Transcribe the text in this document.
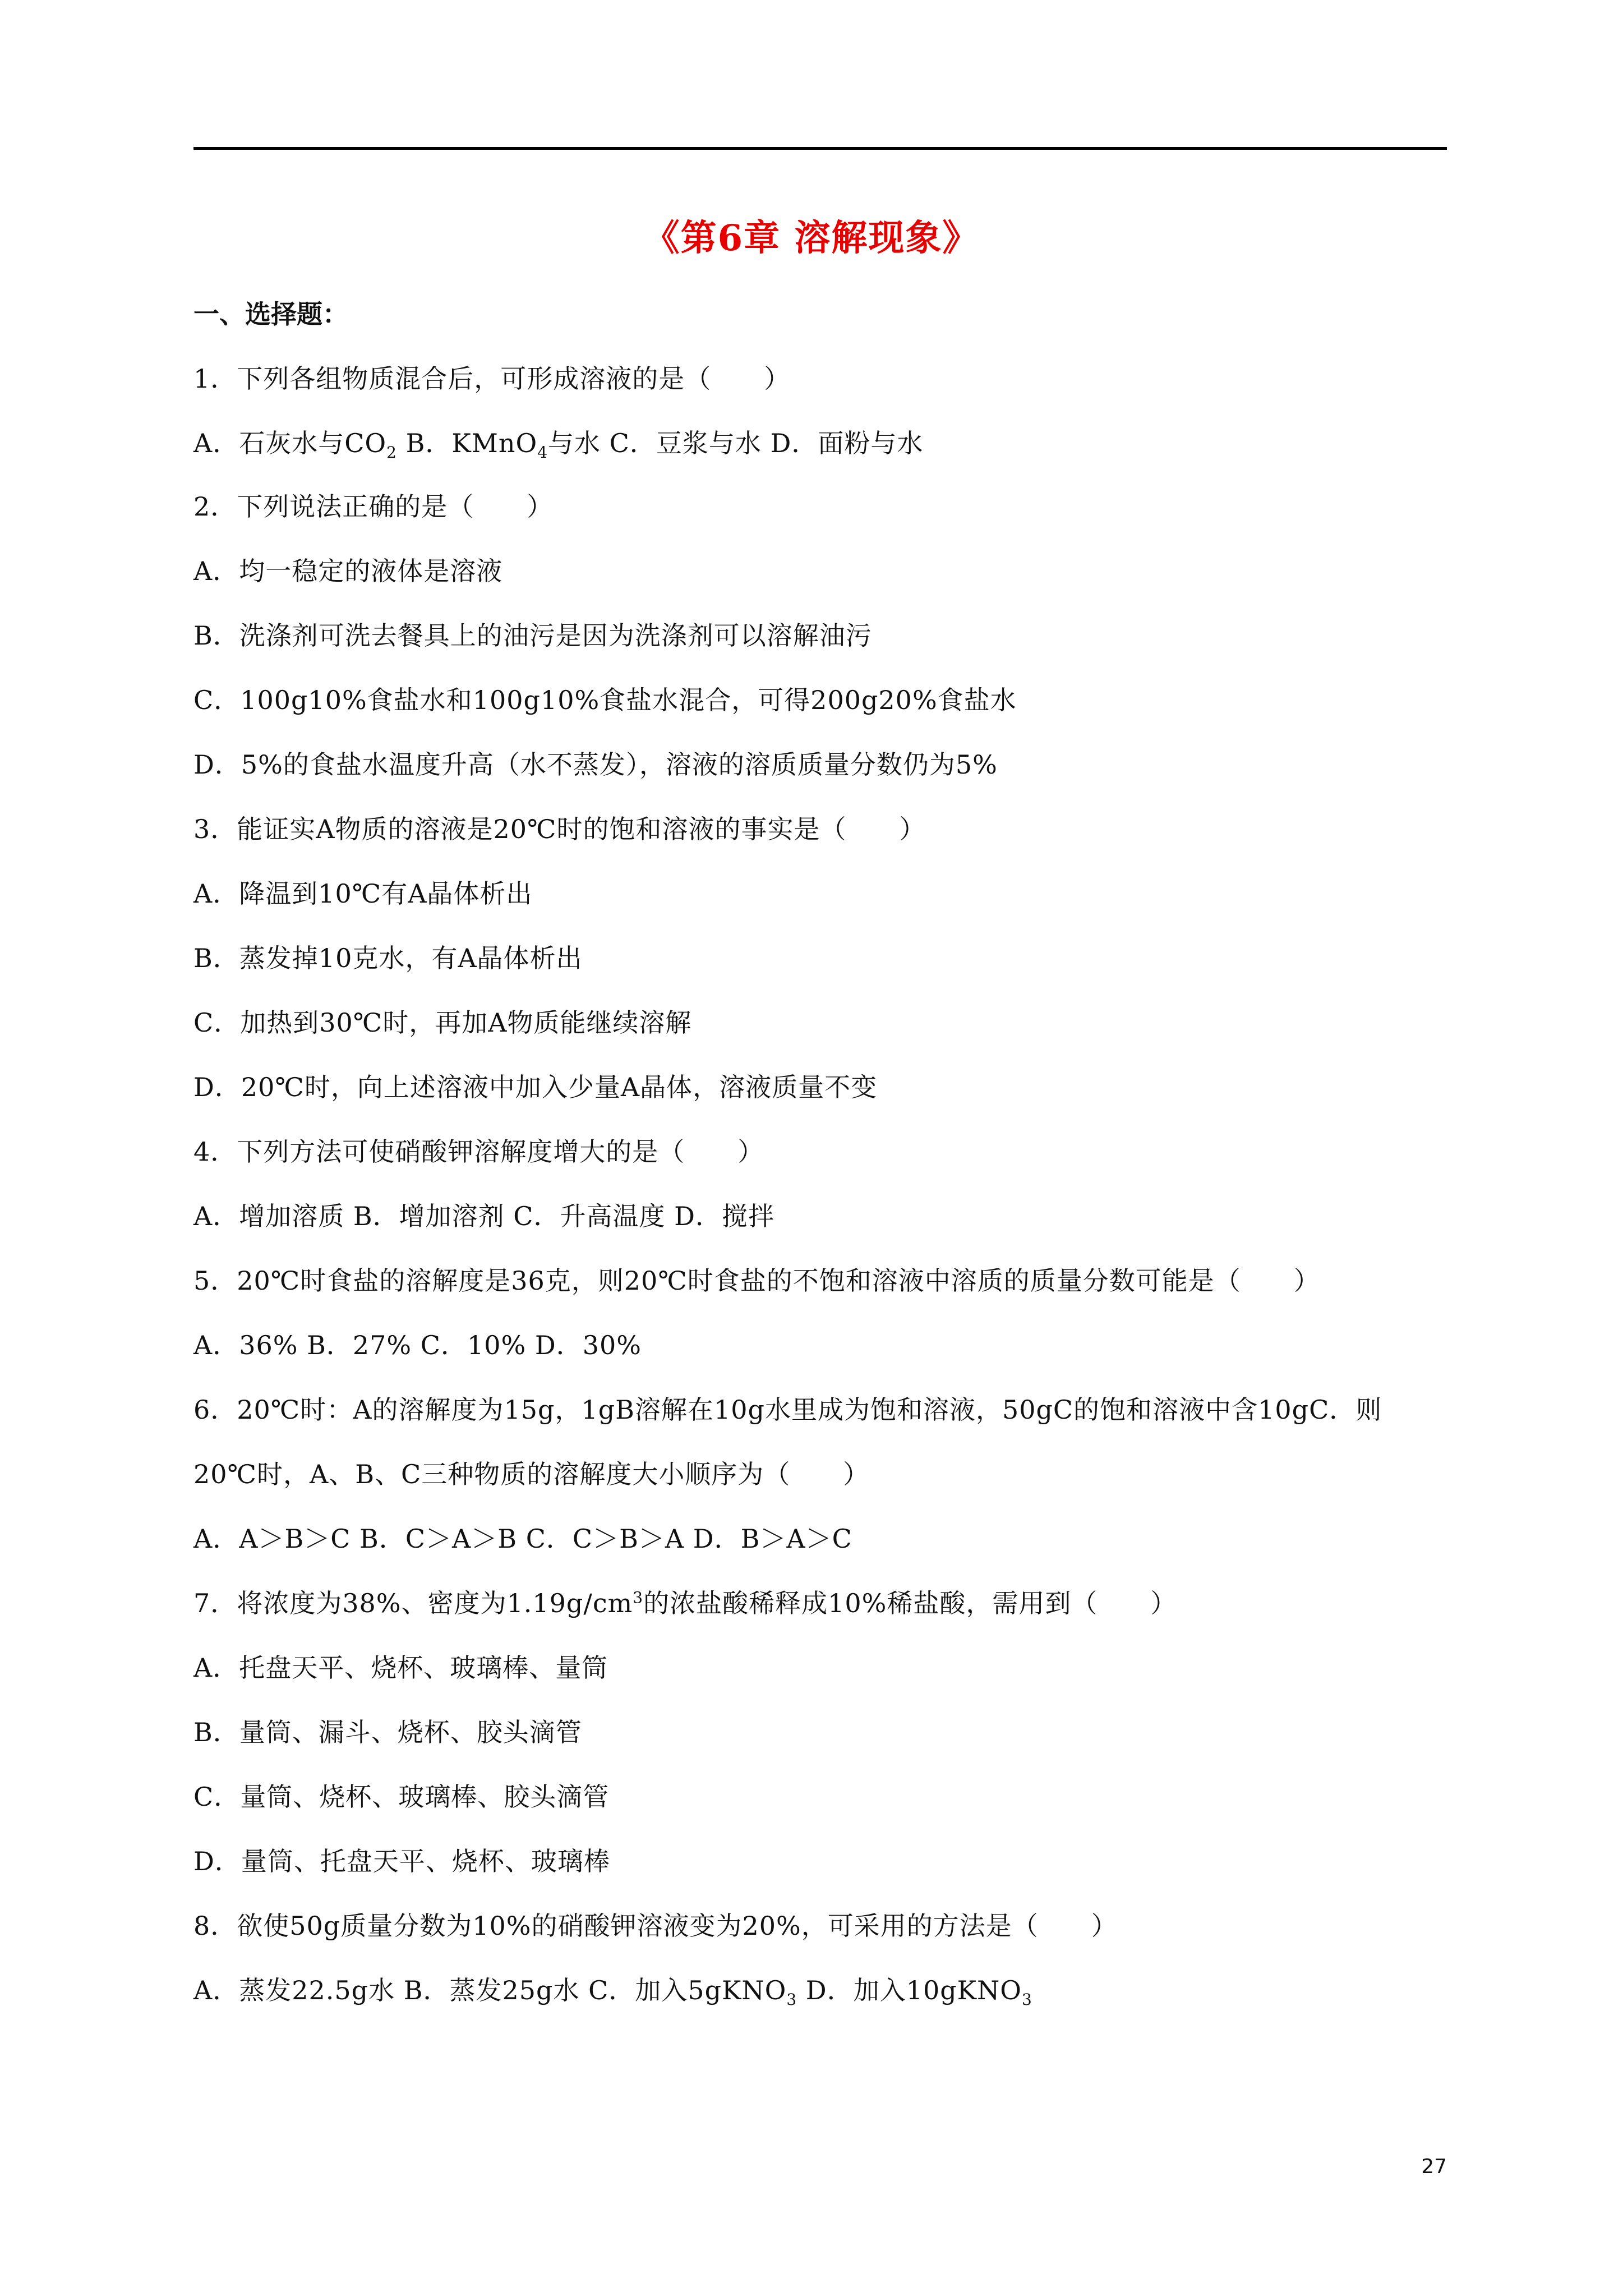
《第6章 溶解现象》
一、选择题：
1．下列各组物质混合后，可形成溶液的是（　　）
A．石灰水与$CO_2$ B．KMnO$_4$与水 C．豆浆与水 D．面粉与水
2．下列说法正确的是（　　）
A．均一稳定的液体是溶液
B．洗涤剂可洗去餐具上的油污是因为洗涤剂可以溶解油污
C．100g10%食盐水和100g10%食盐水混合，可得200g20%食盐水
D．5%的食盐水温度升高（水不蒸发），溶液的溶质质量分数仍为5%
3．能证实A物质的溶液是20℃时的饱和溶液的事实是（　　）
A．降温到10℃有A晶体析出
B．蒸发掉10克水，有A晶体析出
C．加热到30℃时，再加A物质能继续溶解
D．20℃时，向上述溶液中加入少量A晶体，溶液质量不变
4．下列方法可使硝酸钾溶解度增大的是（　　）
A．增加溶质 B．增加溶剂 C．升高温度 D．搅拌
5．20℃时食盐的溶解度是36克，则20℃时食盐的不饱和溶液中溶质的质量分数可能是（　　）
A．36% B．27% C．10% D．30%
6．20℃时：A的溶解度为15g，1gB溶解在10g水里成为饱和溶液，50gC的饱和溶液中含10gC．则
20℃时，A、B、C三种物质的溶解度大小顺序为（　　）
A．A＞B＞C B．C＞A＞B C．C＞B＞A D．B＞A＞C
7．将浓度为38%、密度为$1.19g/cm^3$的浓盐酸稀释成10%稀盐酸，需用到（　　）
A．托盘天平、烧杯、玻璃棒、量筒
B．量筒、漏斗、烧杯、胶头滴管
C．量筒、烧杯、玻璃棒、胶头滴管
D．量筒、托盘天平、烧杯、玻璃棒
8．欲使50g质量分数为10%的硝酸钾溶液变为20%，可采用的方法是（　　）
A．蒸发22.5g水 B．蒸发25g水 C．加入5gKNO$_3$ D．加入10gKNO$_3$
27
